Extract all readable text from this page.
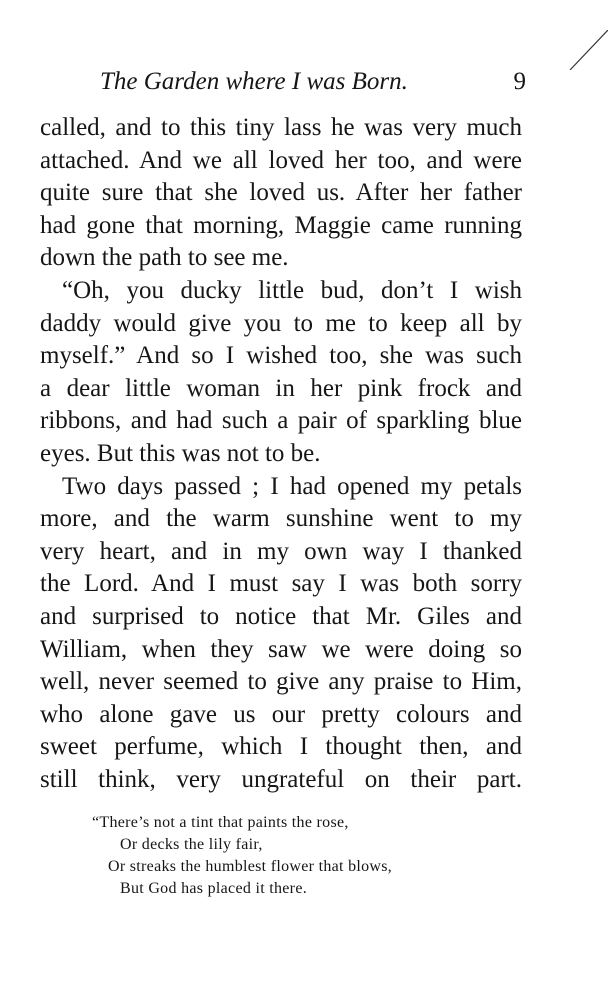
The Garden where I was Born.	9
called, and to this tiny lass he was very much
attached. And we all loved her too, and were
quite sure that she loved us. After her father
had gone that morning, Maggie came running
down the path to see me.
“Oh, you ducky little bud, don’t I wish
daddy would give you to me to keep all by
myself.” And so I wished too, she was such
a dear little woman in her pink frock and
ribbons, and had such a pair of sparkling blue
eyes. But this was not to be.
Two days passed ; I had opened my petals
more, and the warm sunshine went to my
very heart, and in my own way I thanked
the Lord. And I must say I was both sorry
and surprised to notice that Mr. Giles and
William, when they saw we were doing so
well, never seemed to give any praise to Him,
who alone gave us our pretty colours and
sweet perfume, which I thought then, and
still think, very ungrateful on their part.
“There’s not a tint that paints the rose,
Or decks the lily fair,
Or streaks the humblest flower that blows,
But God has placed it there.
